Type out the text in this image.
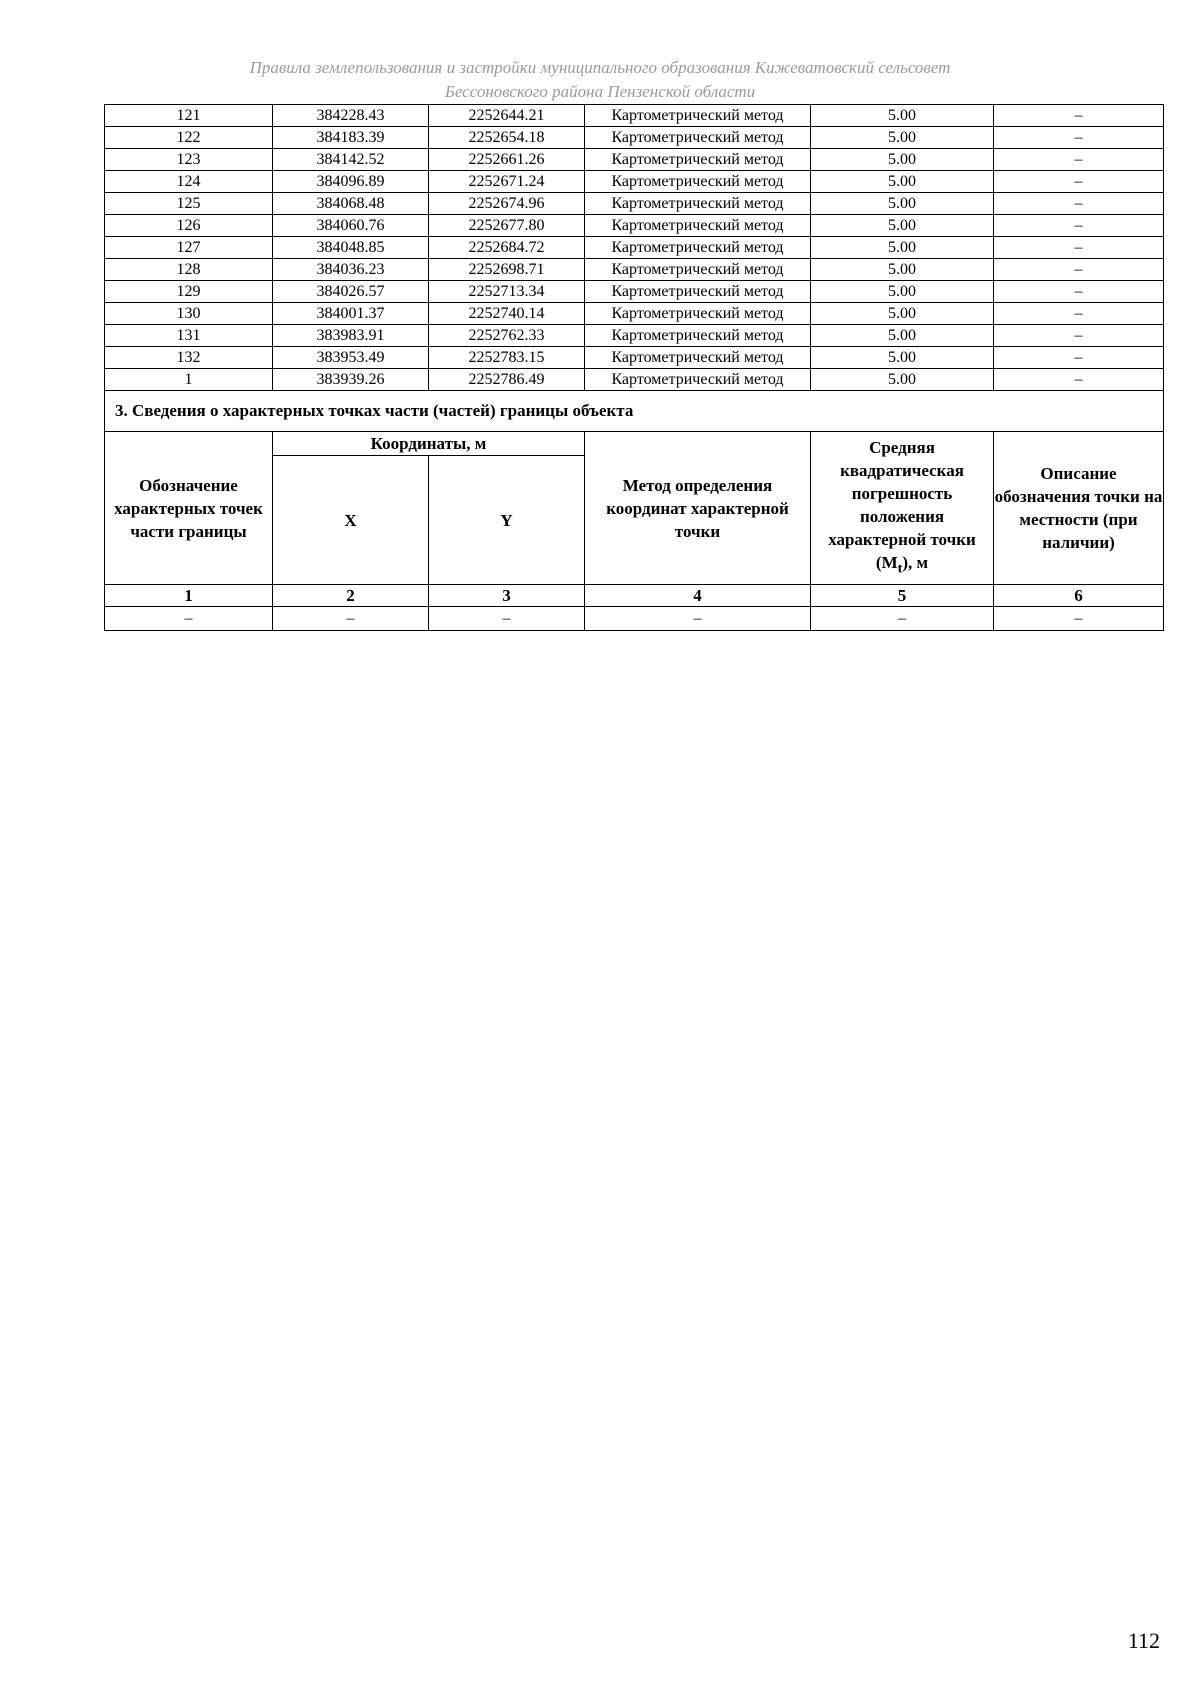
Правила землепользования и застройки муниципального образования Кижеватовский сельсовет
Бессоновского района Пензенской области
121	384228.43	2252644.21	Картометрический метод	5.00	–
122	384183.39	2252654.18	Картометрический метод	5.00	–
123	384142.52	2252661.26	Картометрический метод	5.00	–
124	384096.89	2252671.24	Картометрический метод	5.00	–
125	384068.48	2252674.96	Картометрический метод	5.00	–
126	384060.76	2252677.80	Картометрический метод	5.00	–
127	384048.85	2252684.72	Картометрический метод	5.00	–
128	384036.23	2252698.71	Картометрический метод	5.00	–
129	384026.57	2252713.34	Картометрический метод	5.00	–
130	384001.37	2252740.14	Картометрический метод	5.00	–
131	383983.91	2252762.33	Картометрический метод	5.00	–
132	383953.49	2252783.15	Картометрический метод	5.00	–
1	383939.26	2252786.49	Картометрический метод	5.00	–
3. Сведения о характерных точках части (частей) границы объекта					
Обозначение характерных точек части границы	Координаты, м		Метод определения координат характерной точки	Средняя квадратическая погрешность положения характерной точки $(M_t)$, м	Описание обозначения точки на местности (при наличии)
	X	Y			
1	2	3	4	5	6
–	–	–	–	–	–
112
